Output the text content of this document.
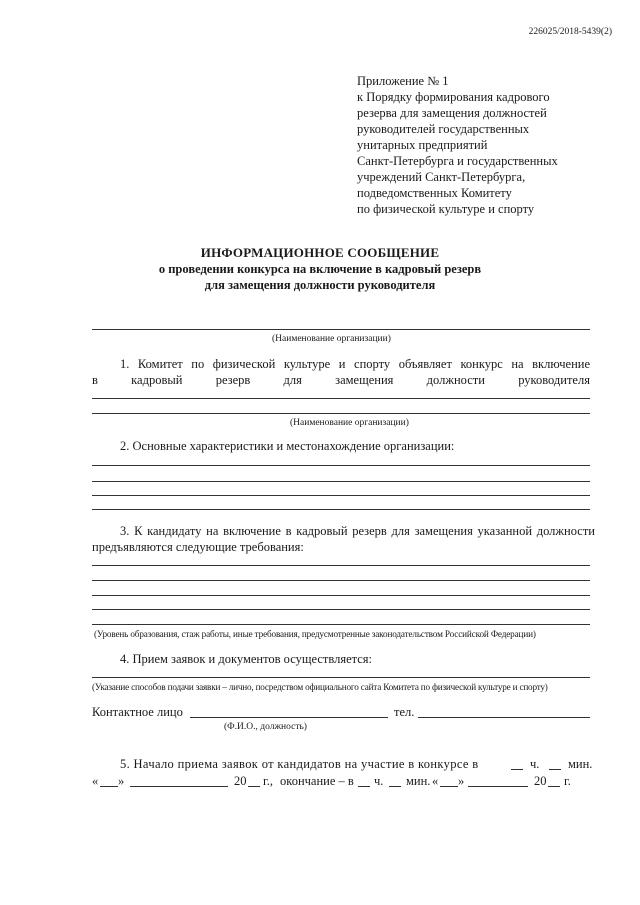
226025/2018-5439(2)
Приложение № 1
к Порядку формирования кадрового
резерва для замещения должностей
руководителей государственных
унитарных предприятий
Санкт-Петербурга и государственных
учреждений Санкт-Петербурга,
подведомственных Комитету
по физической культуре и спорту
ИНФОРМАЦИОННОЕ СООБЩЕНИЕ
о проведении конкурса на включение в кадровый резерв
для замещения должности руководителя
(Наименование организации)
1. Комитет по физической культуре и спорту объявляет конкурс на включение
в	кадровый	резерв	для	замещения	должности	руководителя
(Наименование организации)
2. Основные характеристики и местонахождение организации:
3. К кандидату на включение в кадровый резерв для замещения указанной должности
предъявляются следующие требования:
(Уровень образования, стаж работы, иные требования, предусмотренные законодательством Российской Федерации)
4. Прием заявок и документов осуществляется:
(Указание способов подачи заявки – лично, посредством официального сайта Комитета по физической культуре и спорту)
Контактное лицо	тел.
(Ф.И.О., должность)
5. Начало приема заявок от кандидатов на участие в конкурсе в	ч. мин.
« »	20 г., окончание – в ч. мин. « »	20 г.
